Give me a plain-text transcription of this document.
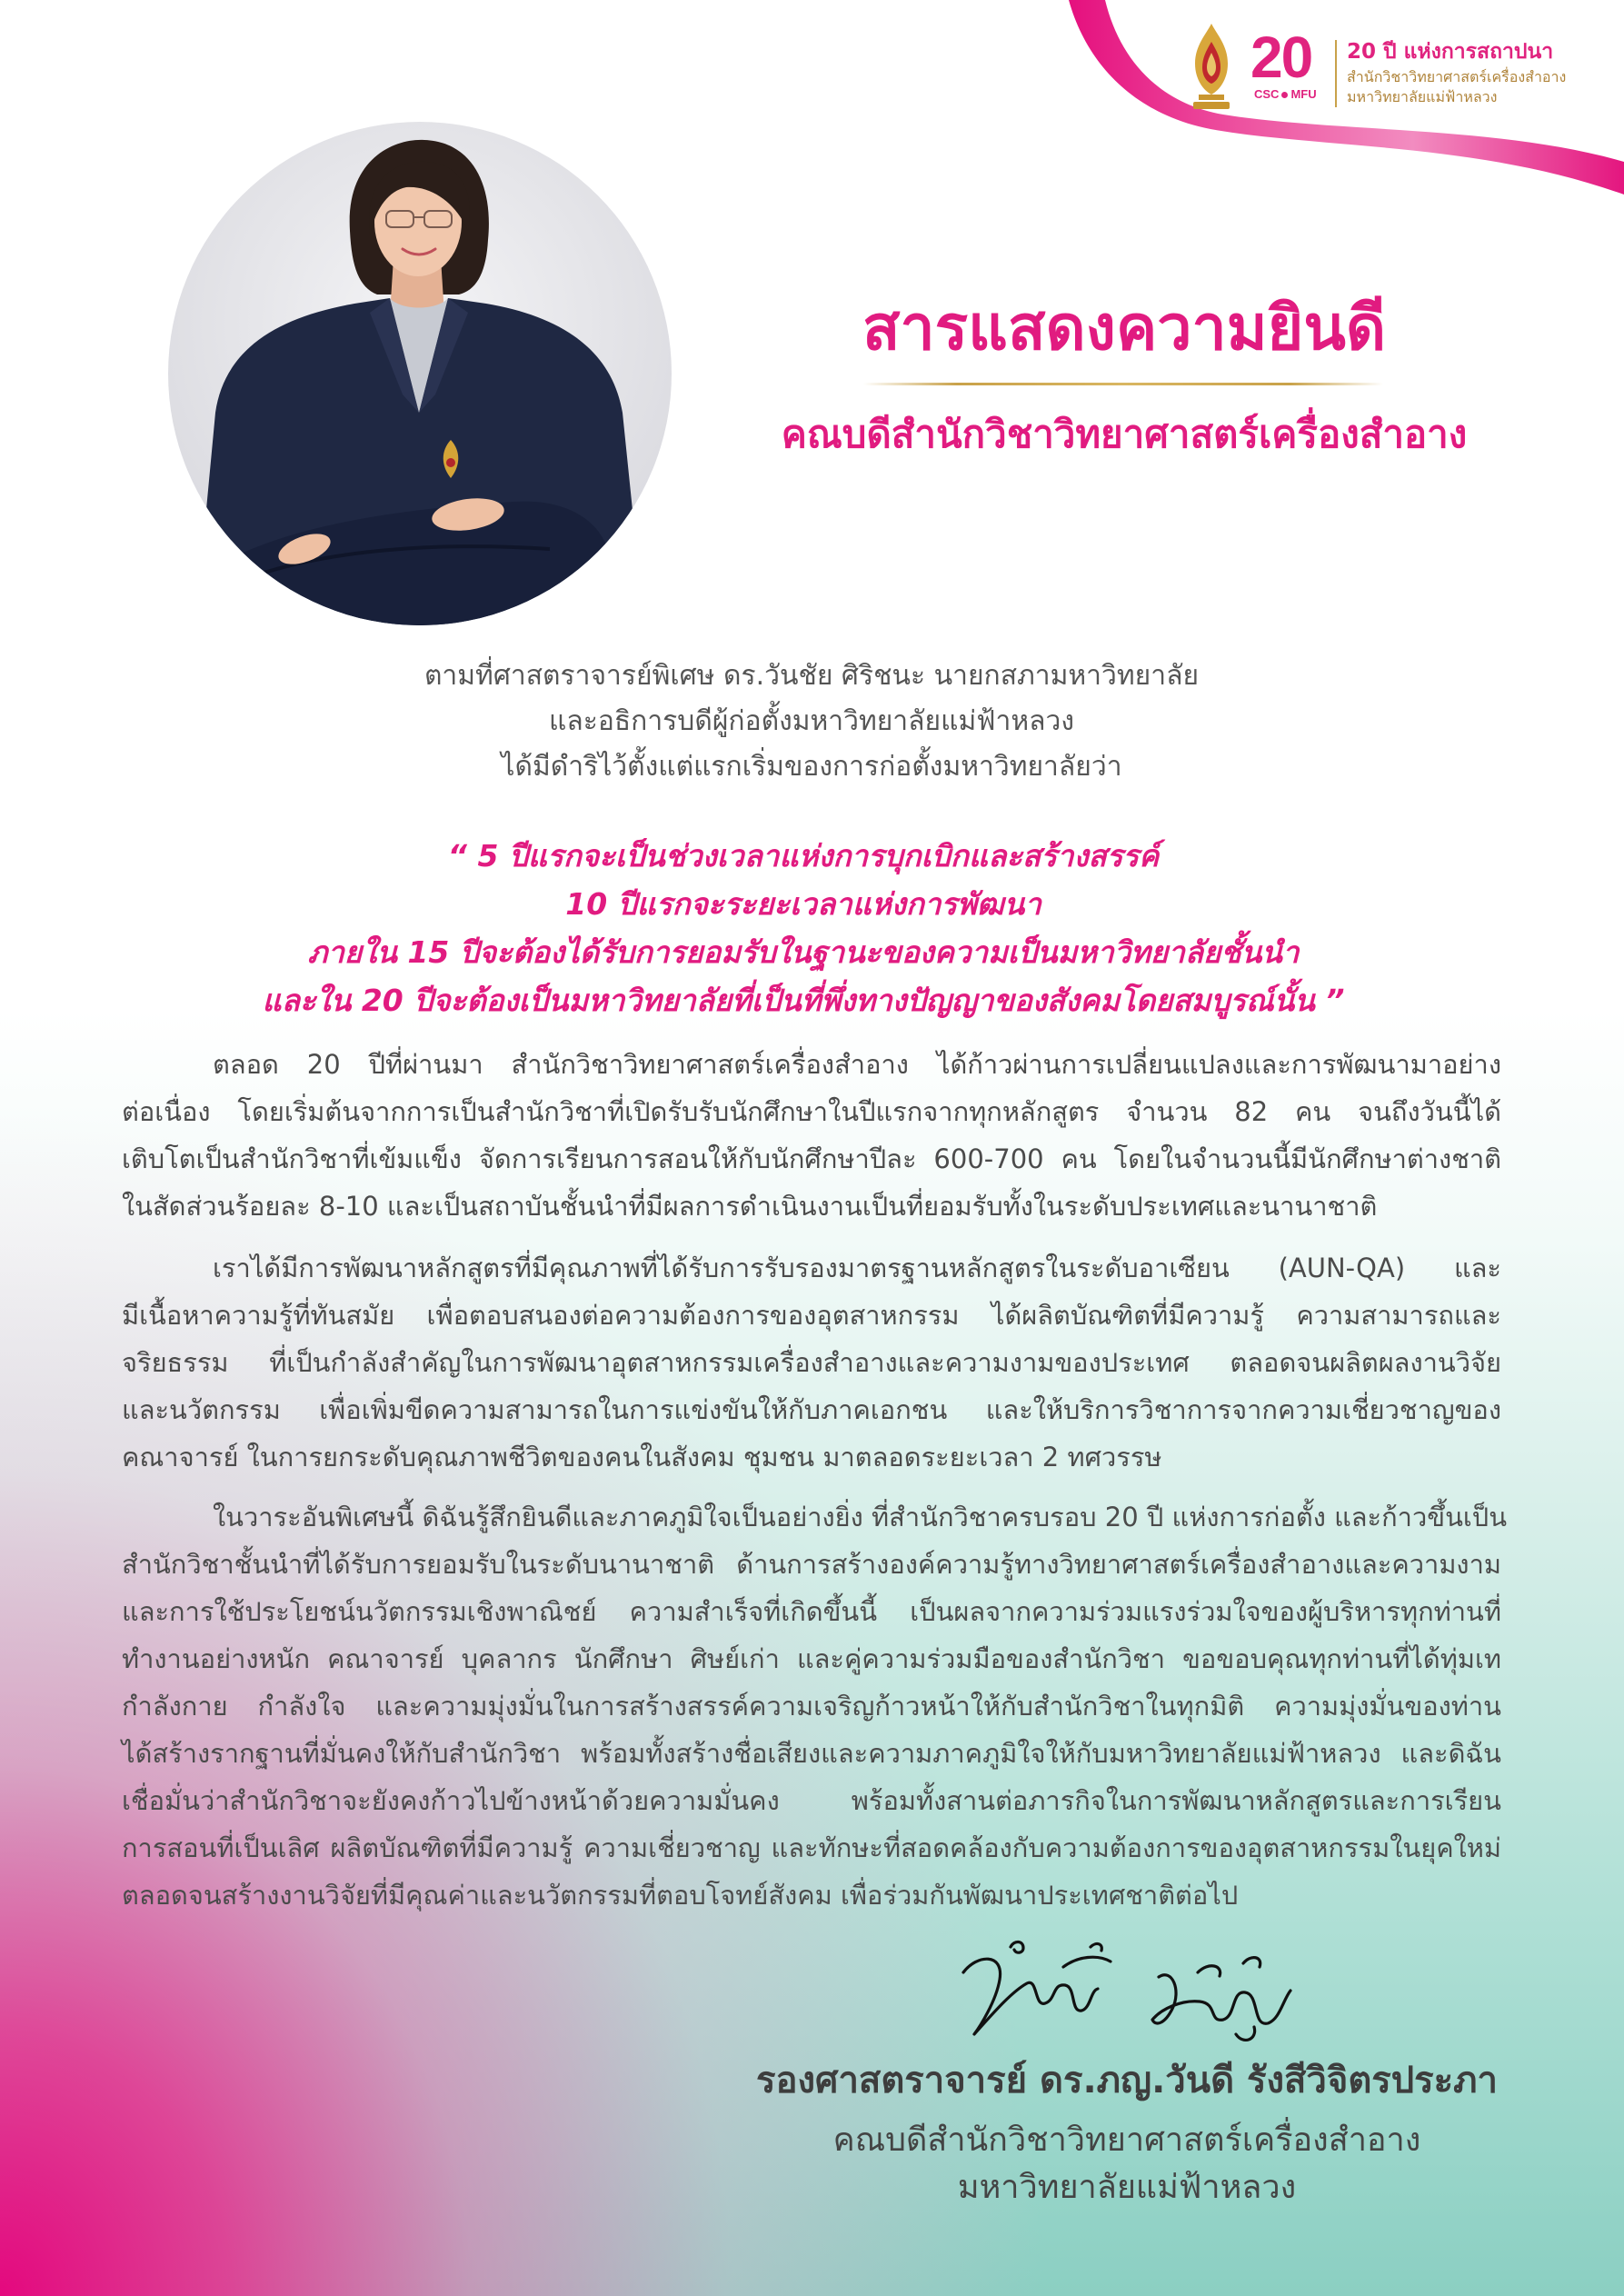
20
CSC MFU
20 ปี แห่งการสถาปนา
สำนักวิชาวิทยาศาสตร์เครื่องสำอาง
มหาวิทยาลัยแม่ฟ้าหลวง
สารแสดงความยินดี
คณบดีสำนักวิชาวิทยาศาสตร์เครื่องสำอาง
ตามที่ศาสตราจารย์พิเศษ ดร.วันชัย ศิริชนะ นายกสภามหาวิทยาลัย
และอธิการบดีผู้ก่อตั้งมหาวิทยาลัยแม่ฟ้าหลวง
ได้มีดำริไว้ตั้งแต่แรกเริ่มของการก่อตั้งมหาวิทยาลัยว่า
“ 5 ปีแรกจะเป็นช่วงเวลาแห่งการบุกเบิกและสร้างสรรค์
10 ปีแรกจะระยะเวลาแห่งการพัฒนา
ภายใน 15 ปีจะต้องได้รับการยอมรับในฐานะของความเป็นมหาวิทยาลัยชั้นนำ
และใน 20 ปีจะต้องเป็นมหาวิทยาลัยที่เป็นที่พึ่งทางปัญญาของสังคมโดยสมบูรณ์นั้น ”
ตลอด 20 ปีที่ผ่านมา สำนักวิชาวิทยาศาสตร์เครื่องสำอาง ได้ก้าวผ่านการเปลี่ยนแปลงและการพัฒนามาอย่าง
ต่อเนื่อง โดยเริ่มต้นจากการเป็นสำนักวิชาที่เปิดรับรับนักศึกษาในปีแรกจากทุกหลักสูตร จำนวน 82 คน จนถึงวันนี้ได้
เติบโตเป็นสำนักวิชาที่เข้มแข็ง จัดการเรียนการสอนให้กับนักศึกษาปีละ 600-700 คน โดยในจำนวนนี้มีนักศึกษาต่างชาติ
ในสัดส่วนร้อยละ 8-10 และเป็นสถาบันชั้นนำที่มีผลการดำเนินงานเป็นที่ยอมรับทั้งในระดับประเทศและนานาชาติ
เราได้มีการพัฒนาหลักสูตรที่มีคุณภาพที่ได้รับการรับรองมาตรฐานหลักสูตรในระดับอาเซียน (AUN-QA) และ
มีเนื้อหาความรู้ที่ทันสมัย เพื่อตอบสนองต่อความต้องการของอุตสาหกรรม ได้ผลิตบัณฑิตที่มีความรู้ ความสามารถและ
จริยธรรม ที่เป็นกำลังสำคัญในการพัฒนาอุตสาหกรรมเครื่องสำอางและความงามของประเทศ ตลอดจนผลิตผลงานวิจัย
และนวัตกรรม เพื่อเพิ่มขีดความสามารถในการแข่งขันให้กับภาคเอกชน และให้บริการวิชาการจากความเชี่ยวชาญของ
คณาจารย์ ในการยกระดับคุณภาพชีวิตของคนในสังคม ชุมชน มาตลอดระยะเวลา 2 ทศวรรษ
ในวาระอันพิเศษนี้ ดิฉันรู้สึกยินดีและภาคภูมิใจเป็นอย่างยิ่ง ที่สำนักวิชาครบรอบ 20 ปี แห่งการก่อตั้ง และก้าวขึ้นเป็น
สำนักวิชาชั้นนำที่ได้รับการยอมรับในระดับนานาชาติ ด้านการสร้างองค์ความรู้ทางวิทยาศาสตร์เครื่องสำอางและความงาม
และการใช้ประโยชน์นวัตกรรมเชิงพาณิชย์ ความสำเร็จที่เกิดขึ้นนี้ เป็นผลจากความร่วมแรงร่วมใจของผู้บริหารทุกท่านที่
ทำงานอย่างหนัก คณาจารย์ บุคลากร นักศึกษา ศิษย์เก่า และคู่ความร่วมมือของสำนักวิชา ขอขอบคุณทุกท่านที่ได้ทุ่มเท
กำลังกาย กำลังใจ และความมุ่งมั่นในการสร้างสรรค์ความเจริญก้าวหน้าให้กับสำนักวิชาในทุกมิติ ความมุ่งมั่นของท่าน
ได้สร้างรากฐานที่มั่นคงให้กับสำนักวิชา พร้อมทั้งสร้างชื่อเสียงและความภาคภูมิใจให้กับมหาวิทยาลัยแม่ฟ้าหลวง และดิฉัน
เชื่อมั่นว่าสำนักวิชาจะยังคงก้าวไปข้างหน้าด้วยความมั่นคง พร้อมทั้งสานต่อภารกิจในการพัฒนาหลักสูตรและการเรียน
การสอนที่เป็นเลิศ ผลิตบัณฑิตที่มีความรู้ ความเชี่ยวชาญ และทักษะที่สอดคล้องกับความต้องการของอุตสาหกรรมในยุคใหม่
ตลอดจนสร้างงานวิจัยที่มีคุณค่าและนวัตกรรมที่ตอบโจทย์สังคม เพื่อร่วมกันพัฒนาประเทศชาติต่อไป
รองศาสตราจารย์ ดร.ภญ.วันดี รังสีวิจิตรประภา
คณบดีสำนักวิชาวิทยาศาสตร์เครื่องสำอาง
มหาวิทยาลัยแม่ฟ้าหลวง
